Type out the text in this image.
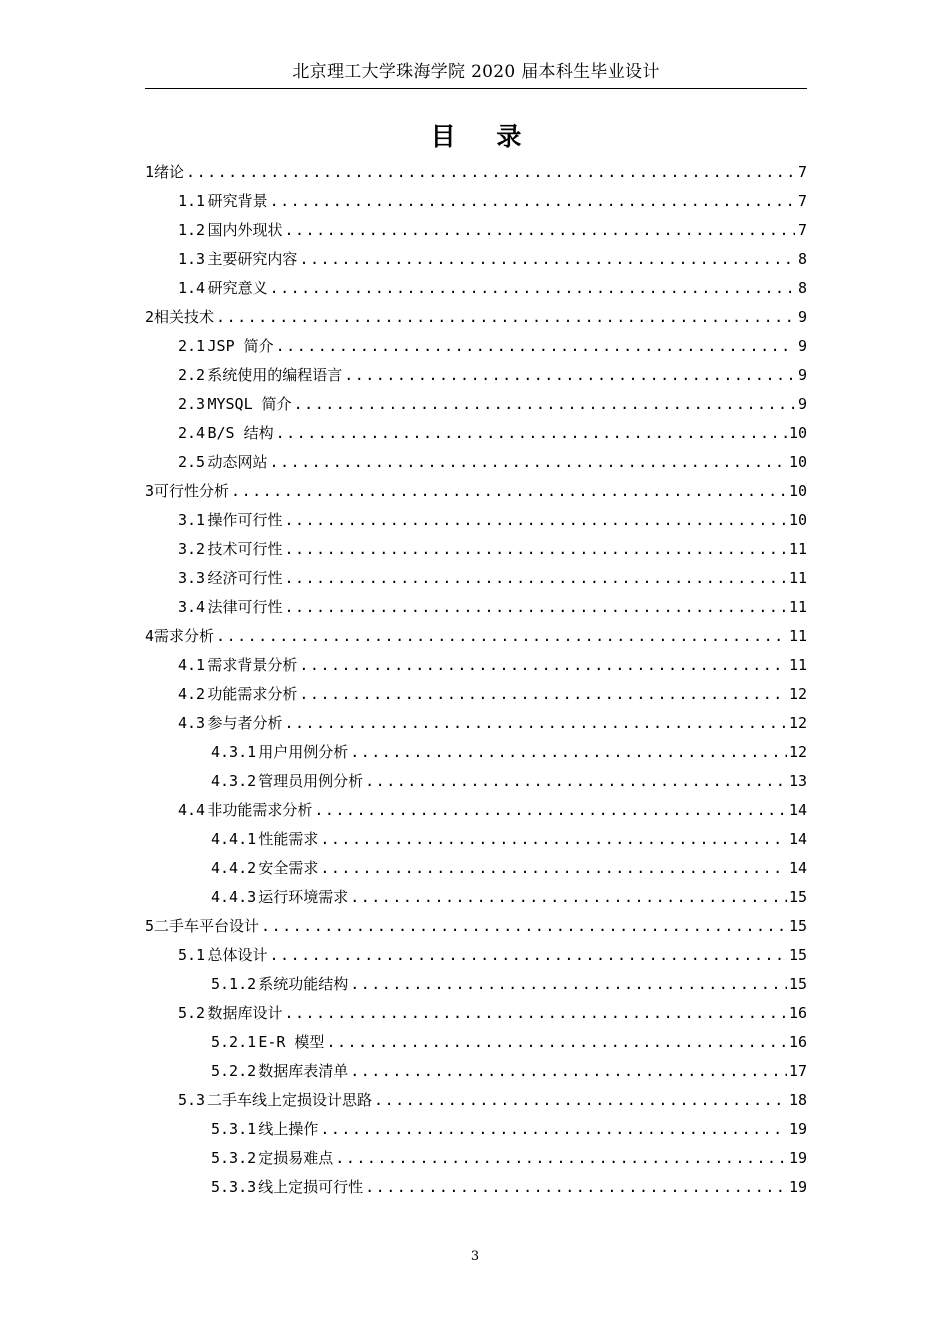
北京理工大学珠海学院 2020 届本科生毕业设计
目 录
1 绪论 .....	7
1.1 研究背景 .....	7
1.2 国内外现状 .....	7
1.3 主要研究内容 .....	8
1.4 研究意义 .....	8
2 相关技术 .....	9
2.1 JSP 简介 .....	9
2.2 系统使用的编程语言 .....	9
2.3 MYSQL 简介 .....	9
2.4 B/S 结构 .....	10
2.5 动态网站 .....	10
3 可行性分析 .....	10
3.1 操作可行性 .....	10
3.2 技术可行性 .....	11
3.3 经济可行性 .....	11
3.4 法律可行性 .....	11
4 需求分析 .....	11
4.1 需求背景分析 .....	11
4.2 功能需求分析 .....	12
4.3 参与者分析 .....	12
4.3.1 用户用例分析 .....	12
4.3.2 管理员用例分析 .....	13
4.4 非功能需求分析 .....	14
4.4.1 性能需求 .....	14
4.4.2 安全需求 .....	14
4.4.3 运行环境需求 .....	15
5 二手车平台设计 .....	15
5.1 总体设计 .....	15
5.1.2 系统功能结构 .....	15
5.2 数据库设计 .....	16
5.2.1 E-R 模型 .....	16
5.2.2 数据库表清单 .....	17
5.3 二手车线上定损设计思路 .....	18
5.3.1 线上操作 .....	19
5.3.2 定损易难点 .....	19
5.3.3 线上定损可行性 .....	19
3
